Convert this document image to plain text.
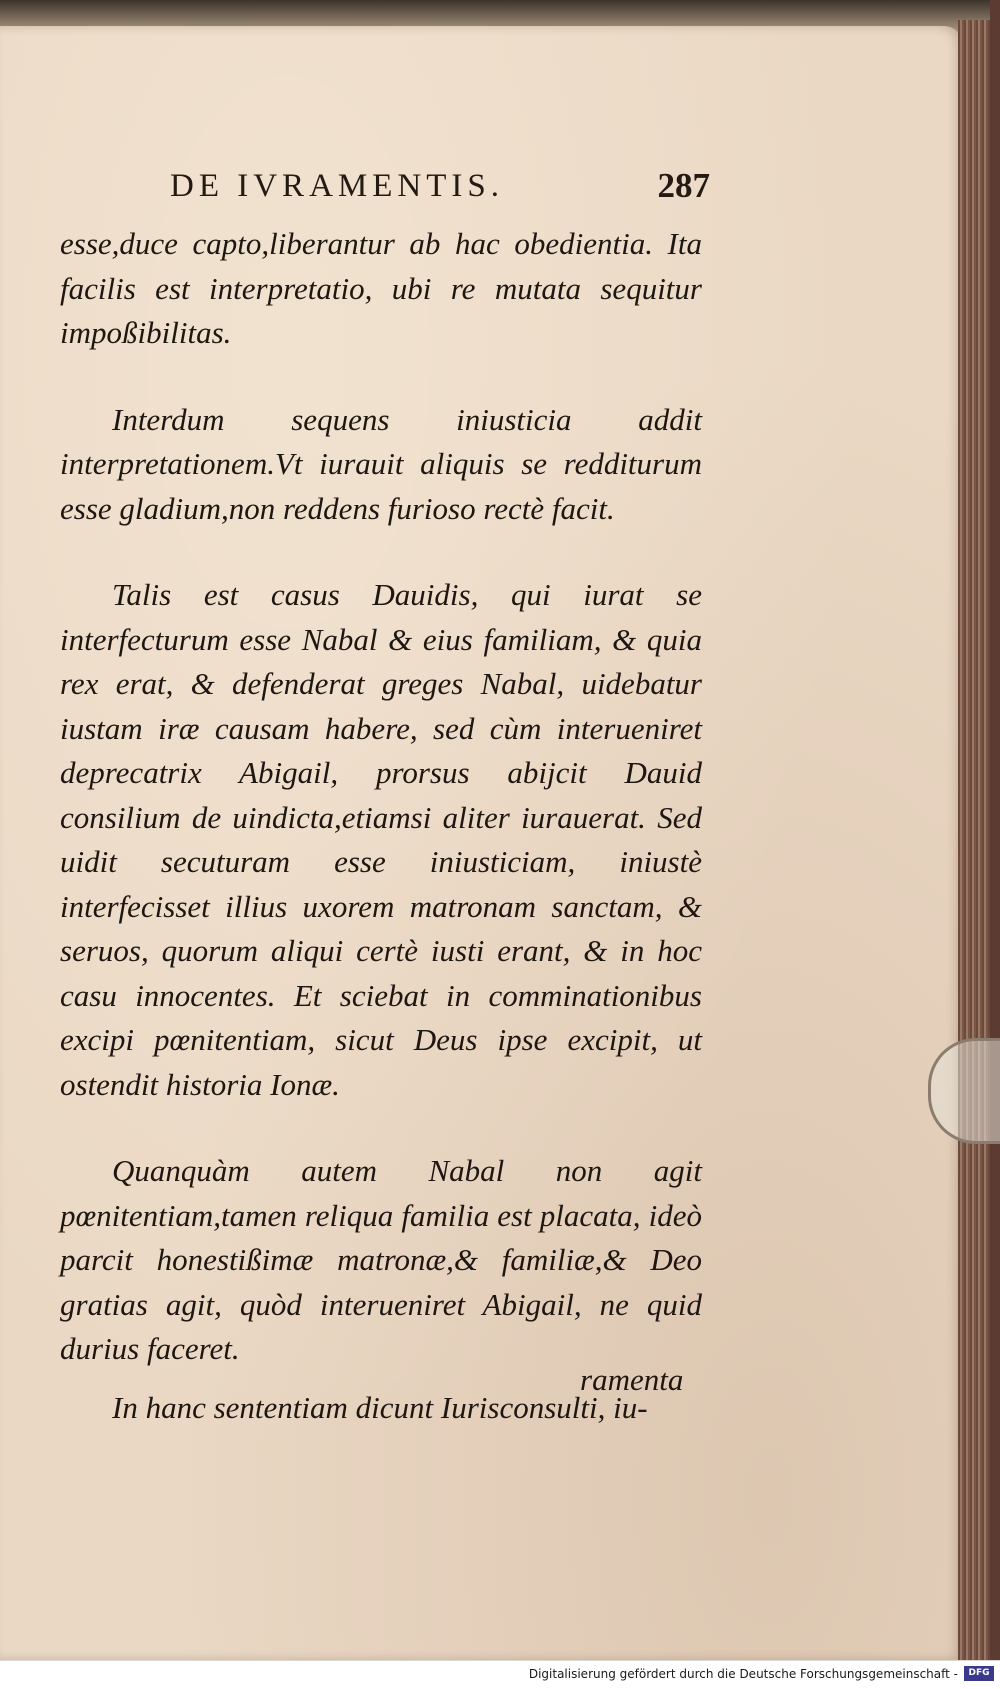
DE IVRAMENTIS.	287

esse,duce capto,liberantur ab hac obedientia. Ita facilis est interpretatio, ubi re mutata sequitur impoßibilitas.

Interdum sequens iniusticia addit interpretationem.Vt iurauit aliquis se redditurum esse gladium,non reddens furioso rectè facit.

Talis est casus Dauidis, qui iurat se interfecturum esse Nabal & eius familiam, & quia rex erat, & defenderat greges Nabal, uidebatur iustam iræ causam habere, sed cùm interueniret deprecatrix Abigail, prorsus abijcit Dauid consilium de uindicta,etiamsi aliter iurauerat. Sed uidit secuturam esse iniusticiam, iniustè interfecisset illius uxorem matronam sanctam, & seruos, quorum aliqui certè iusti erant, & in hoc casu innocentes. Et sciebat in comminationibus excipi pœnitentiam, sicut Deus ipse excipit, ut ostendit historia Ionæ.

Quanquàm autem Nabal non agit pœnitentiam,tamen reliqua familia est placata, ideò parcit honestißimæ matronæ,& familiæ,& Deo gratias agit, quòd interueniret Abigail, ne quid durius faceret.

In hanc sententiam dicunt Iurisconsulti, iu-

ramenta
Digitalisierung gefördert durch die Deutsche Forschungsgemeinschaft -	DFG
